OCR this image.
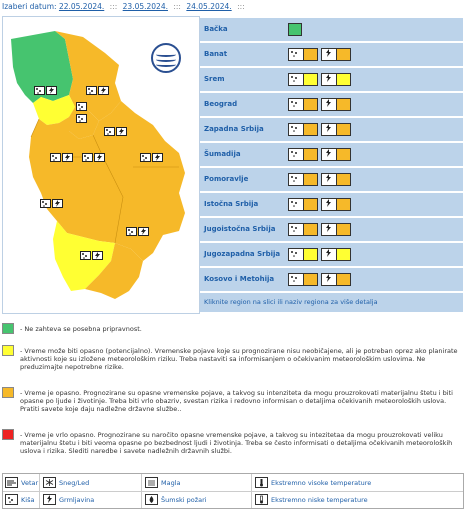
Izaberi datum: 22.05.2024. ::: 23.05.2024. ::: 24.05.2024. :::
Bačka
Banat
Srem
Beograd
Zapadna Srbija
Šumadija
Pomoravlje
Istočna Srbija
Jugoistočna Srbija
Jugozapadna Srbija
Kosovo i Metohija
Kliknite region na slici ili naziv regiona za više detalja
- Ne zahteva se posebna pripravnost.
- Vreme može biti opasno (potencijalno). Vremenske pojave koje su prognozirane nisu neobičajene, ali je potreban oprez ako planirate aktivnosti koje su izložene meteorološkim riziku. Treba nastaviti sa informisanjem o očekivanim meteorološkim uslovima. Ne preduzimajte nepotrebne rizike.
- Vreme je opasno. Prognozirane su opasne vremenske pojave, a takvog su intenziteta da mogu prouzrokovati materijalnu štetu i biti opasne po ljude i životinje. Treba biti vrlo obazriv, svestan rizika i redovno informisan o detaljima očekivanih meteoroloških uslova. Pratiti savete koje daju nadležne državne službe..
- Vreme je vrlo opasno. Prognozirane su naročito opasne vremenske pojave, a takvog su intezitetaa da mogu prouzrokovati veliku materijalnu štetu i biti veoma opasne po bezbednost ljudi i životinja. Treba se često informisati o detaljima očekivanih meteoroloških uslova i rizika. Slediti naredbe i savete nadležnih državnih službi.
Vetar	Sneg/Led	Magla	Ekstremno visoke temperature
Kiša	Grmljavina	Šumski požari	Ekstremno niske temperature
